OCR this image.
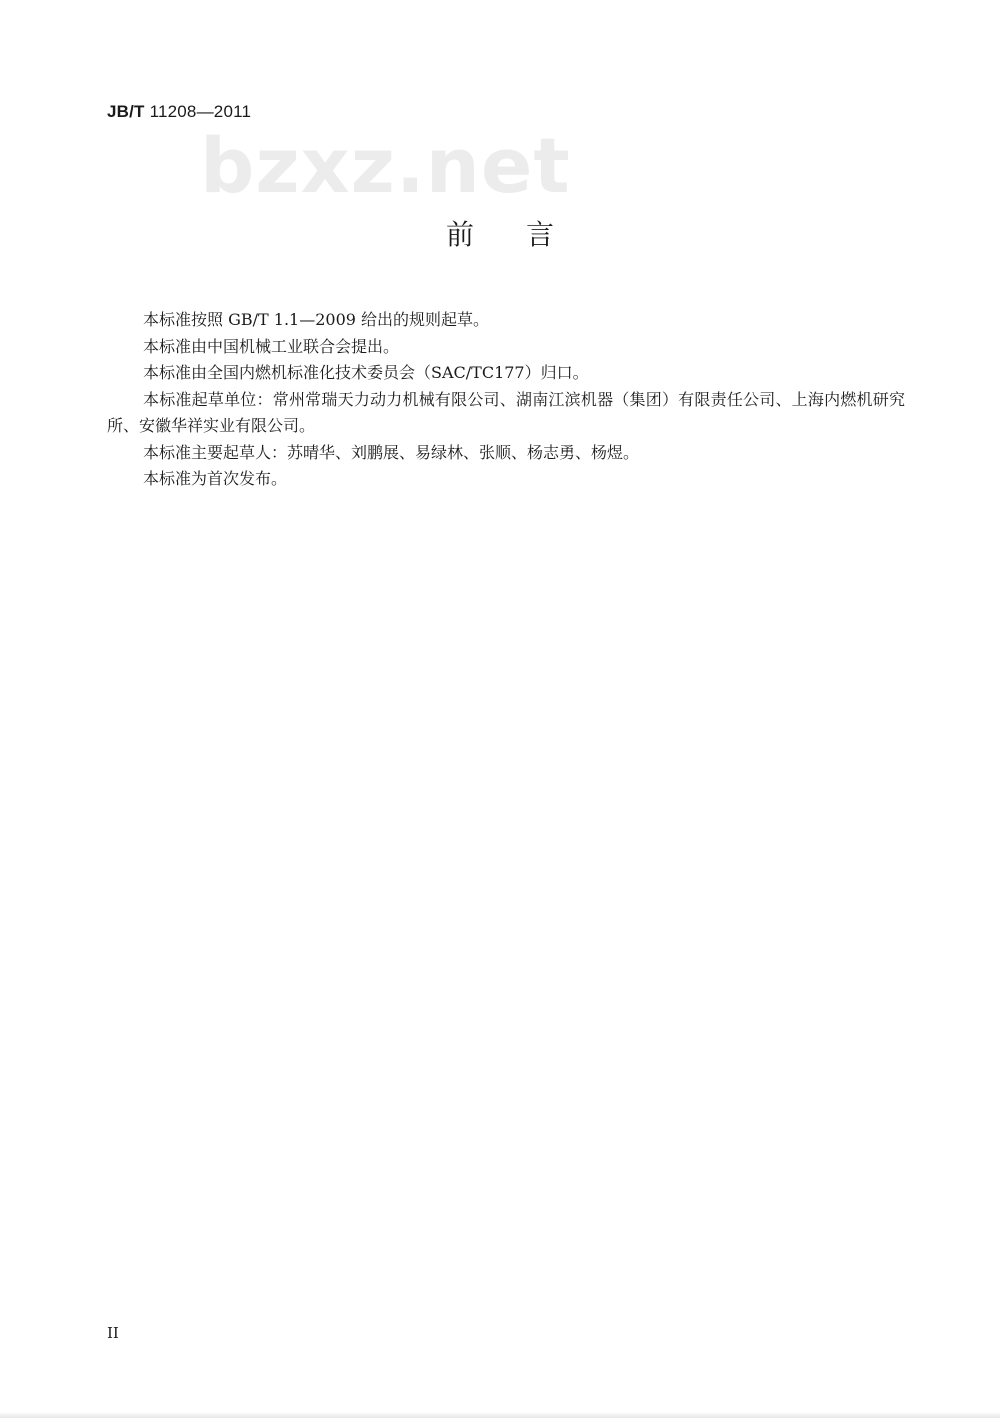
JB/T 11208—2011
bzxz.net
前 言

本标准按照 GB/T 1.1—2009 给出的规则起草。

本标准由中国机械工业联合会提出。

本标准由全国内燃机标准化技术委员会（SAC/TC177）归口。

本标准起草单位：常州常瑞天力动力机械有限公司、湖南江滨机器（集团）有限责任公司、上海内燃机研究所、安徽华祥实业有限公司。

本标准主要起草人：苏晴华、刘鹏展、易绿林、张顺、杨志勇、杨煜。

本标准为首次发布。

II
